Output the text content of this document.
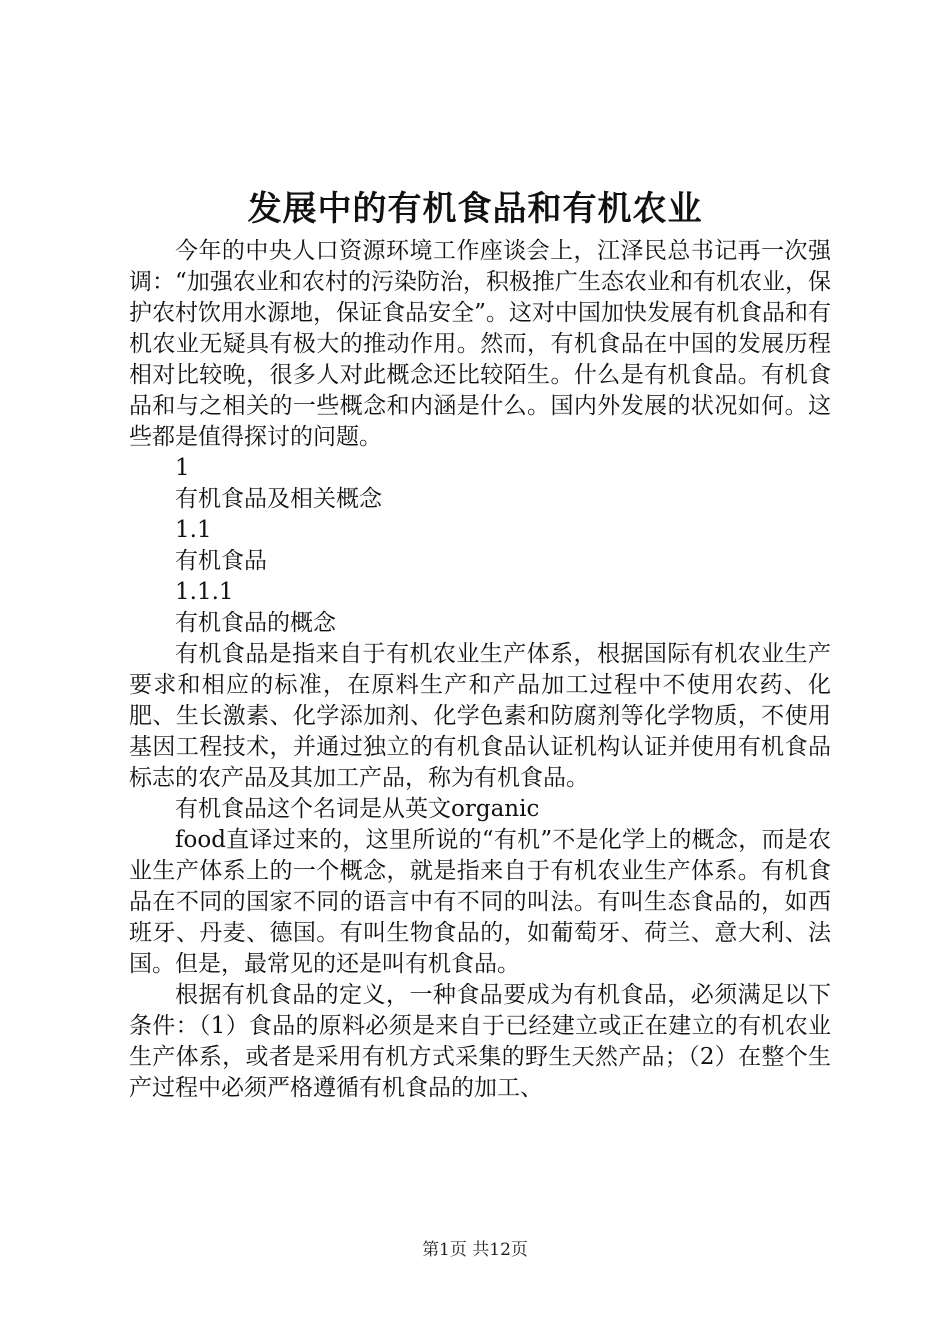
发展中的有机食品和有机农业

今年的中央人口资源环境工作座谈会上，江泽民总书记再一次强调：“加强农业和农村的污染防治，积极推广生态农业和有机农业，保护农村饮用水源地，保证食品安全”。这对中国加快发展有机食品和有机农业无疑具有极大的推动作用。然而，有机食品在中国的发展历程相对比较晚，很多人对此概念还比较陌生。什么是有机食品。有机食品和与之相关的一些概念和内涵是什么。国内外发展的状况如何。这些都是值得探讨的问题。

1

有机食品及相关概念

1.1

有机食品

1.1.1

有机食品的概念

有机食品是指来自于有机农业生产体系，根据国际有机农业生产要求和相应的标准，在原料生产和产品加工过程中不使用农药、化肥、生长激素、化学添加剂、化学色素和防腐剂等化学物质，不使用基因工程技术，并通过独立的有机食品认证机构认证并使用有机食品标志的农产品及其加工产品，称为有机食品。

有机食品这个名词是从英文organic

food直译过来的，这里所说的“有机”不是化学上的概念，而是农业生产体系上的一个概念，就是指来自于有机农业生产体系。有机食品在不同的国家不同的语言中有不同的叫法。有叫生态食品的，如西班牙、丹麦、德国。有叫生物食品的，如葡萄牙、荷兰、意大利、法国。但是，最常见的还是叫有机食品。

根据有机食品的定义，一种食品要成为有机食品，必须满足以下条件：（1）食品的原料必须是来自于已经建立或正在建立的有机农业生产体系，或者是采用有机方式采集的野生天然产品；（2）在整个生产过程中必须严格遵循有机食品的加工、

第1页 共12页
